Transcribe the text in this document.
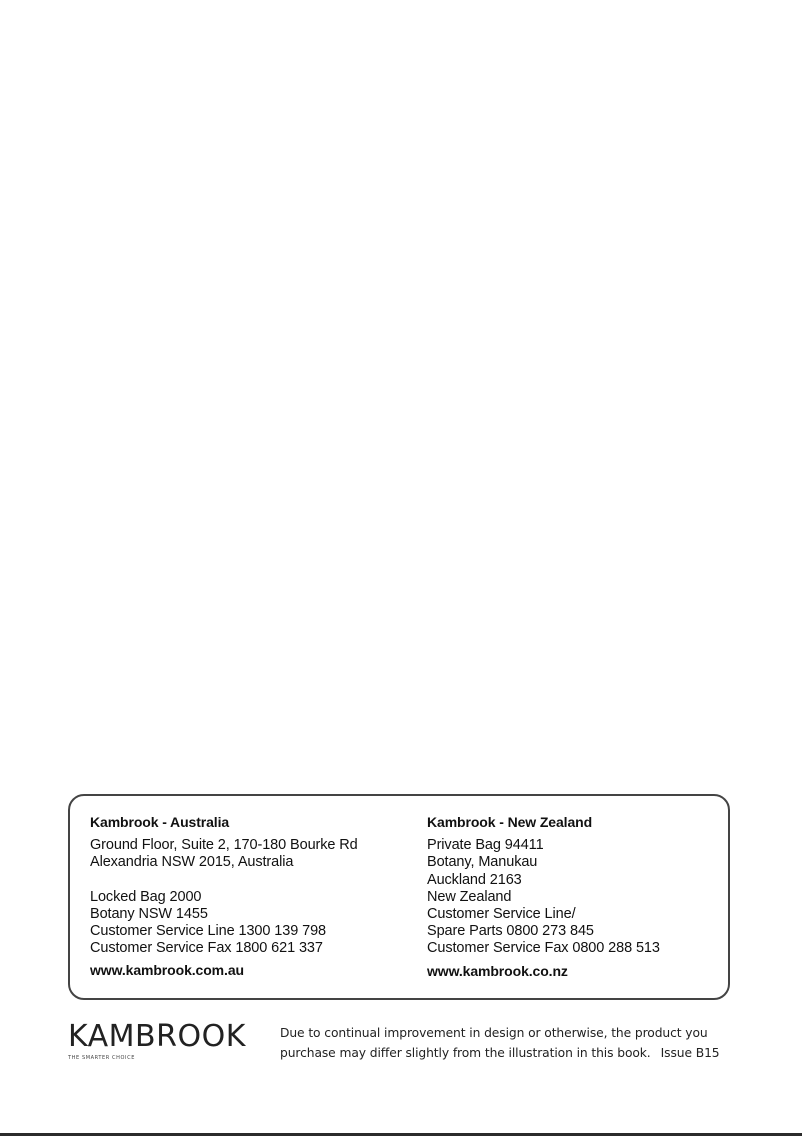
Kambrook - Australia
Ground Floor, Suite 2, 170-180 Bourke Rd
Alexandria NSW 2015, Australia
Locked Bag 2000
Botany NSW 1455
Customer Service Line 1300 139 798
Customer Service Fax 1800 621 337
www.kambrook.com.au
Kambrook - New Zealand
Private Bag 94411
Botany, Manukau
Auckland 2163
New Zealand
Customer Service Line/
Spare Parts 0800 273 845
Customer Service Fax 0800 288 513
www.kambrook.co.nz
KAMBROOK
THE SMARTER CHOICE
Due to continual improvement in design or otherwise, the product you
purchase may differ slightly from the illustration in this book. Issue B15
